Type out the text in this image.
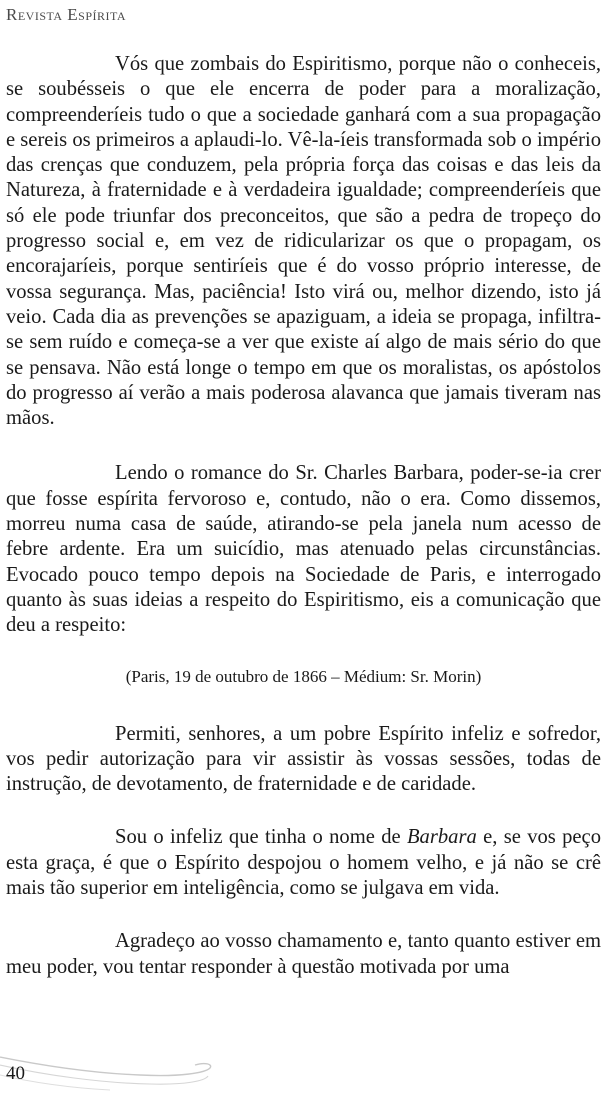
Revista Espírita

Vós que zombais do Espiritismo, porque não o conheceis, se soubésseis o que ele encerra de poder para a moralização, compreenderíeis tudo o que a sociedade ganhará com a sua propagação e sereis os primeiros a aplaudi-lo. Vê-la-íeis transformada sob o império das crenças que conduzem, pela própria força das coisas e das leis da Natureza, à fraternidade e à verdadeira igualdade; compreenderíeis que só ele pode triunfar dos preconceitos, que são a pedra de tropeço do progresso social e, em vez de ridicularizar os que o propagam, os encorajaríeis, porque sentiríeis que é do vosso próprio interesse, de vossa segurança. Mas, paciência! Isto virá ou, melhor dizendo, isto já veio. Cada dia as prevenções se apaziguam, a ideia se propaga, infiltra-se sem ruído e começa-se a ver que existe aí algo de mais sério do que se pensava. Não está longe o tempo em que os moralistas, os apóstolos do progresso aí verão a mais poderosa alavanca que jamais tiveram nas mãos.

Lendo o romance do Sr. Charles Barbara, poder-se-ia crer que fosse espírita fervoroso e, contudo, não o era. Como dissemos, morreu numa casa de saúde, atirando-se pela janela num acesso de febre ardente. Era um suicídio, mas atenuado pelas circunstâncias. Evocado pouco tempo depois na Sociedade de Paris, e interrogado quanto às suas ideias a respeito do Espiritismo, eis a comunicação que deu a respeito:

(Paris, 19 de outubro de 1866 – Médium: Sr. Morin)

Permiti, senhores, a um pobre Espírito infeliz e sofredor, vos pedir autorização para vir assistir às vossas sessões, todas de instrução, de devotamento, de fraternidade e de caridade.

Sou o infeliz que tinha o nome de Barbara e, se vos peço esta graça, é que o Espírito despojou o homem velho, e já não se crê mais tão superior em inteligência, como se julgava em vida.

Agradeço ao vosso chamamento e, tanto quanto estiver em meu poder, vou tentar responder à questão motivada por uma

40
